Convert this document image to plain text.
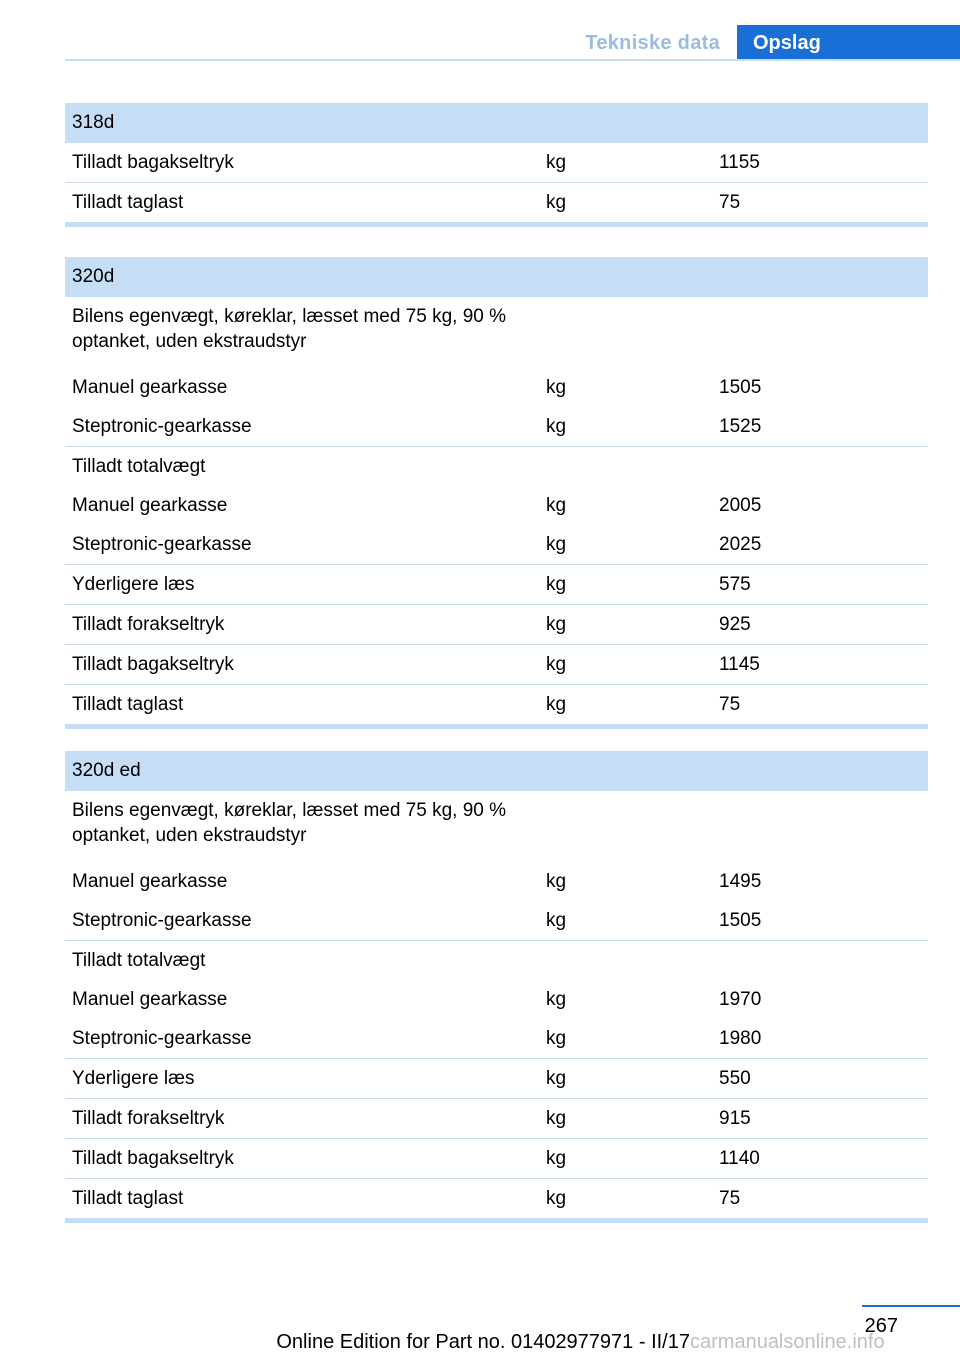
Tekniske data	Opslag
318d
Tilladt bagakseltryk	kg	1155
Tilladt taglast	kg	75
320d
Bilens egenvægt, køreklar, læsset med 75 kg, 90 % optanket, uden ekstraudstyr
Manuel gearkasse	kg	1505
Steptronic-gearkasse	kg	1525
Tilladt totalvægt
Manuel gearkasse	kg	2005
Steptronic-gearkasse	kg	2025
Yderligere læs	kg	575
Tilladt forakseltryk	kg	925
Tilladt bagakseltryk	kg	1145
Tilladt taglast	kg	75
320d ed
Bilens egenvægt, køreklar, læsset med 75 kg, 90 % optanket, uden ekstraudstyr
Manuel gearkasse	kg	1495
Steptronic-gearkasse	kg	1505
Tilladt totalvægt
Manuel gearkasse	kg	1970
Steptronic-gearkasse	kg	1980
Yderligere læs	kg	550
Tilladt forakseltryk	kg	915
Tilladt bagakseltryk	kg	1140
Tilladt taglast	kg	75
267
Online Edition for Part no. 01402977971 - II/17 carmanualsonline.info
